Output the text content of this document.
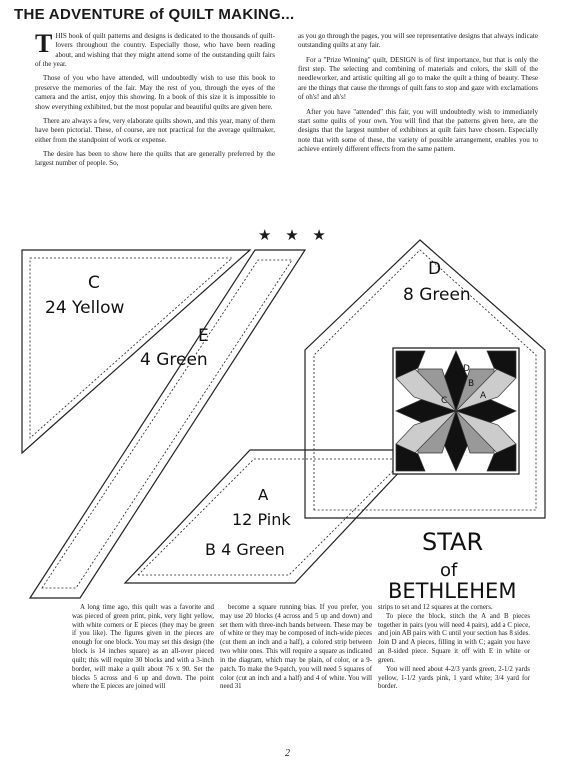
THE ADVENTURE of QUILT MAKING...

THIS book of quilt patterns and designs is dedicated to the thousands of quilt-lovers throughout the country. Especially those, who have been reading about, and wishing that they might attend some of the outstanding quilt fairs of the year.

Those of you who have attended, will undoubtedly wish to use this book to preserve the memories of the fair. May the rest of you, through the eyes of the camera and the artist, enjoy this showing. In a book of this size it is impossible to show everything exhibited, but the most popular and beautiful quilts are given here.

There are always a few, very elaborate quilts shown, and this year, many of them have been pictorial. These, of course, are not practical for the average quiltmaker, either from the standpoint of work or expense.

The desire has been to show here the quilts that are generally preferred by the largest number of people. So,

as you go through the pages, you will see representative designs that always indicate outstanding quilts at any fair.

For a "Prize Winning" quilt, DESIGN is of first importance, but that is only the first step. The selecting and combining of materials and colors, the skill of the needleworker, and artistic quilting all go to make the quilt a thing of beauty. These are the things that cause the throngs of quilt fans to stop and gaze with exclamations of oh's! and ah's!

After you have "attended" this fair, you will undoubtedly wish to immediately start some quilts of your own. You will find that the patterns given here, are the designs that the largest number of exhibitors at quilt fairs have chosen. Especially note that with some of these, the variety of possible arrangement, enables you to achieve entirely different effects from the same pattern.

★ ★ ★
C
24 Yellow
E
4 Green
D
8 Green
A
12 Pink
B 4 Green
E
D
C
B
A
STAR
of
BETHLEHEM

A long time ago, this quilt was a favorite and was pieced of green print, pink, very light yellow, with white corners or E pieces (they may be green if you like). The figures given in the pieces are enough for one block. You may set this design (the block is 14 inches square) as an all-over pieced quilt; this will require 30 blocks and with a 3-inch border, will make a quilt about 76 x 90. Set the blocks 5 across and 6 up and down. The point where the E pieces are joined will

become a square running bias. If you prefer, you may use 20 blocks (4 across and 5 up and down) and set them with three-inch bands between. These may be of white or they may be composed of inch-wide pieces (cut them an inch and a half), a colored strip between two white ones. This will require a square as indicated in the diagram, which may be plain, of color, or a 9-patch. To make the 9-patch, you will need 5 squares of color (cut an inch and a half) and 4 of white. You will need 31

strips to set and 12 squares at the corners.

To piece the block, stitch the A and B pieces together in pairs (you will need 4 pairs), add a C piece, and join AB pairs with C until your section has 8 sides. Join D and A pieces, filling in with C; again you have an 8-sided piece. Square it off with E in white or green.

You will need about 4-2/3 yards green, 2-1/2 yards yellow, 1-1/2 yards pink, 1 yard white; 3/4 yard for border.

2
